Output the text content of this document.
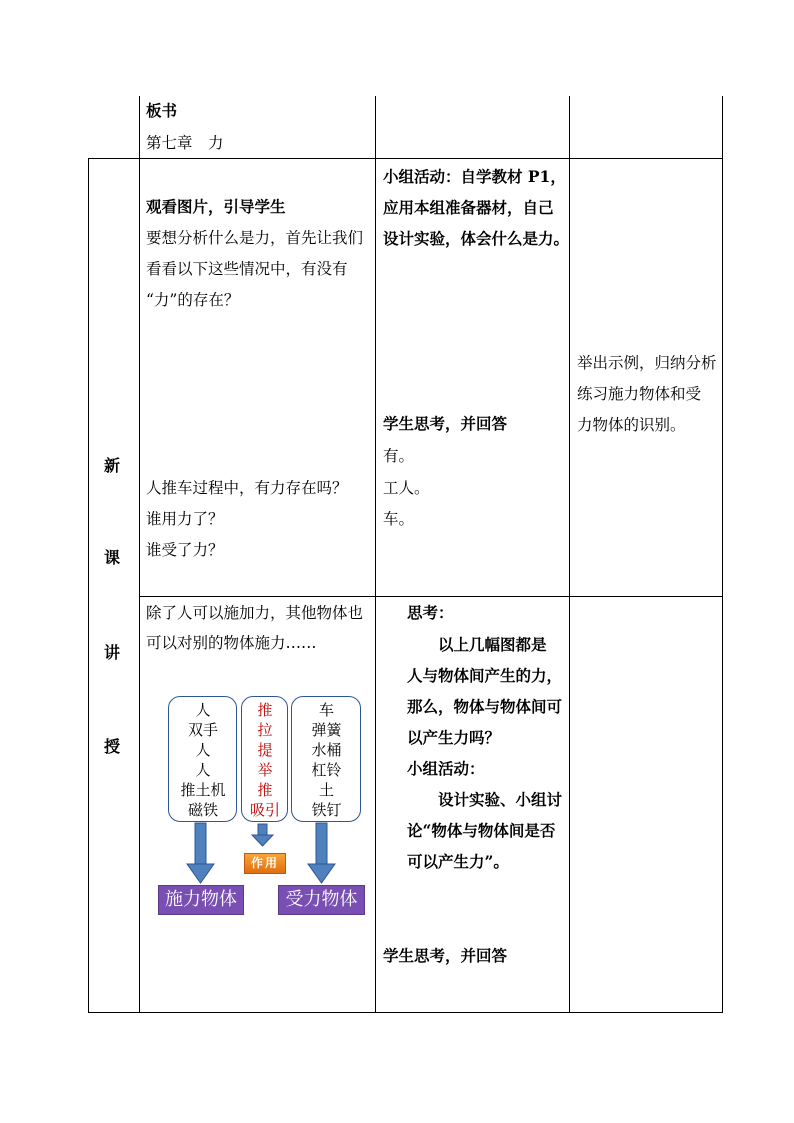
板书
第七章　力
新
课
讲
授
观看图片，引导学生
要想分析什么是力，首先让我们
看看以下这些情况中，有没有
“力”的存在？
人推车过程中，有力存在吗？
谁用力了？
谁受了力？
小组活动：自学教材 P1，
应用本组准备器材，自己
设计实验，体会什么是力。
学生思考，并回答
有。
工人。
车。
举出示例，归纳分析
练习施力物体和受
力物体的识别。
除了人可以施加力，其他物体也
可以对别的物体施力……
人
双手
人
人
推土机
磁铁
推
拉
提
举
推
吸引
车
弹簧
水桶
杠铃
土
铁钉
作用
施力物体	受力物体
思考：
以上几幅图都是
人与物体间产生的力，
那么，物体与物体间可
以产生力吗？
小组活动：
设计实验、小组讨
论“物体与物体间是否
可以产生力”。
学生思考，并回答
